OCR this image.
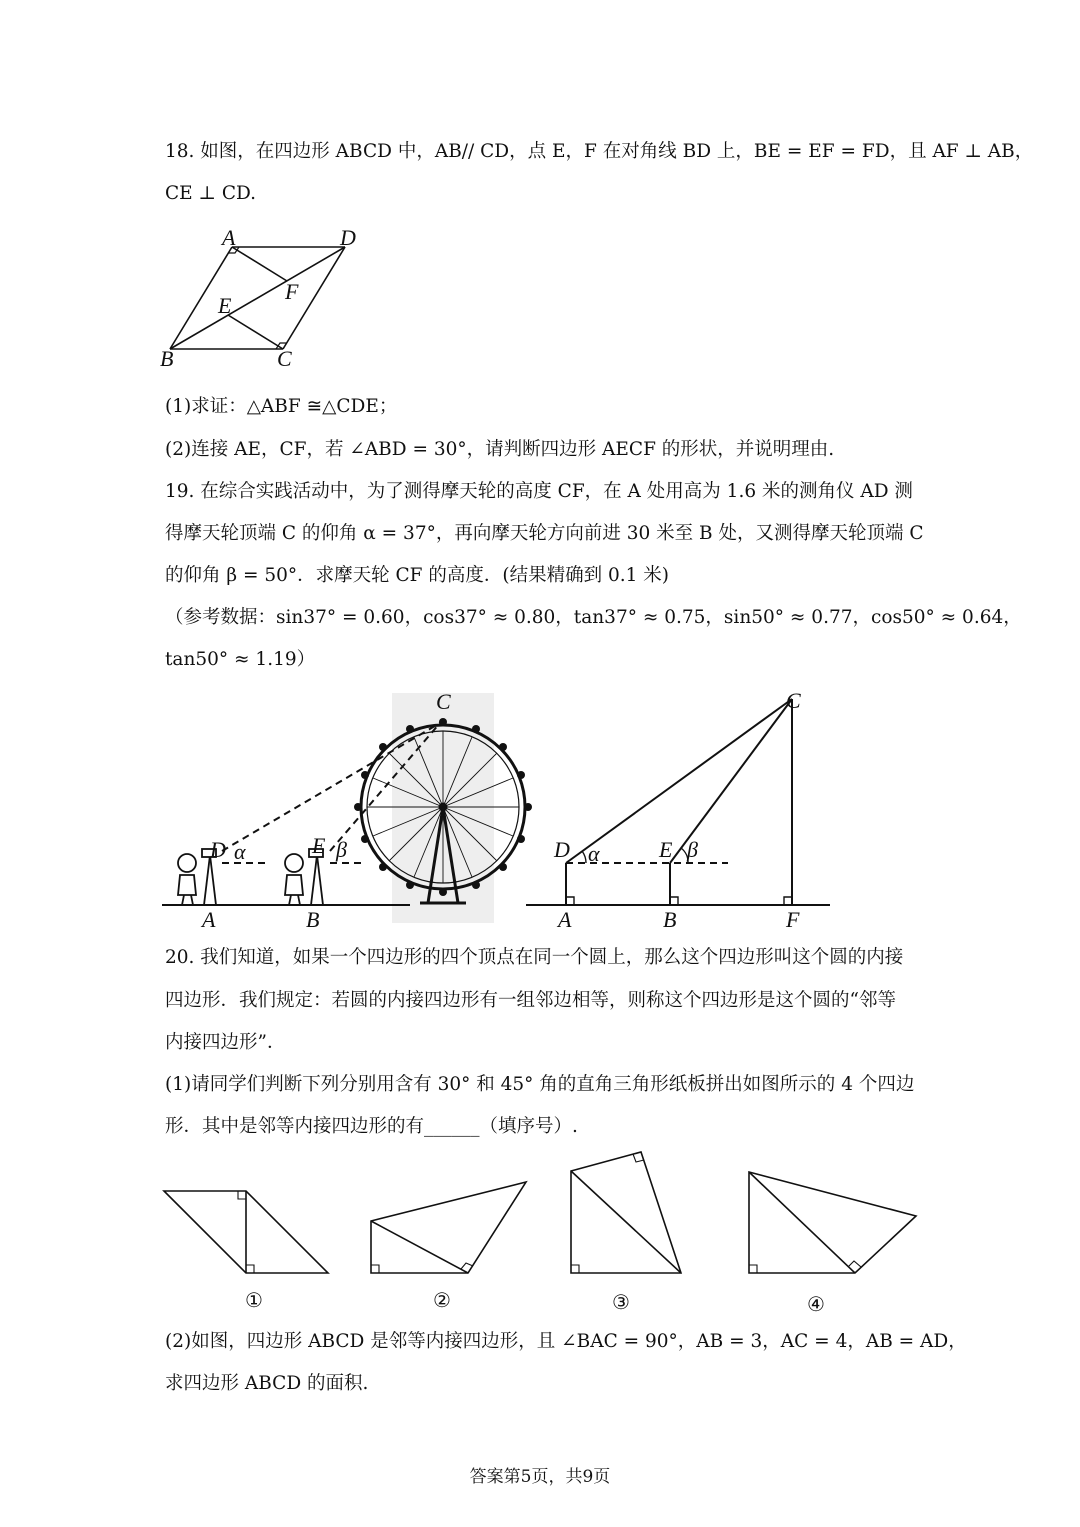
18. 如图，在四边形 ABCD 中，AB// CD，点 E，F 在对角线 BD 上，BE = EF = FD，且 AF ⊥ AB，
CE ⊥ CD.
A	D
B	C
E
F
(1)求证：△ABF ≅△CDE；
(2)连接 AE，CF，若 ∠ABD = 30°，请判断四边形 AECF 的形状，并说明理由.
19. 在综合实践活动中，为了测得摩天轮的高度 CF，在 A 处用高为 1.6 米的测角仪 AD 测
得摩天轮顶端 C 的仰角 α = 37°，再向摩天轮方向前进 30 米至 B 处，又测得摩天轮顶端 C
的仰角 β = 50°．求摩天轮 CF 的高度．(结果精确到 0.1 米)
（参考数据：sin37° = 0.60，cos37° ≈ 0.80，tan37° ≈ 0.75，sin50° ≈ 0.77，cos50° ≈ 0.64，
tan50° ≈ 1.19）
C
D α	E β
A	B
C
D α	E β
A	B	F
20. 我们知道，如果一个四边形的四个顶点在同一个圆上，那么这个四边形叫这个圆的内接
四边形．我们规定：若圆的内接四边形有一组邻边相等，则称这个四边形是这个圆的“邻等
内接四边形”．
(1)请同学们判断下列分别用含有 30° 和 45° 角的直角三角形纸板拼出如图所示的 4 个四边
形．其中是邻等内接四边形的有______（填序号）.
①	②	③	④
(2)如图，四边形 ABCD 是邻等内接四边形，且 ∠BAC = 90°，AB = 3，AC = 4，AB = AD，
求四边形 ABCD 的面积.
答案第5页，共9页
